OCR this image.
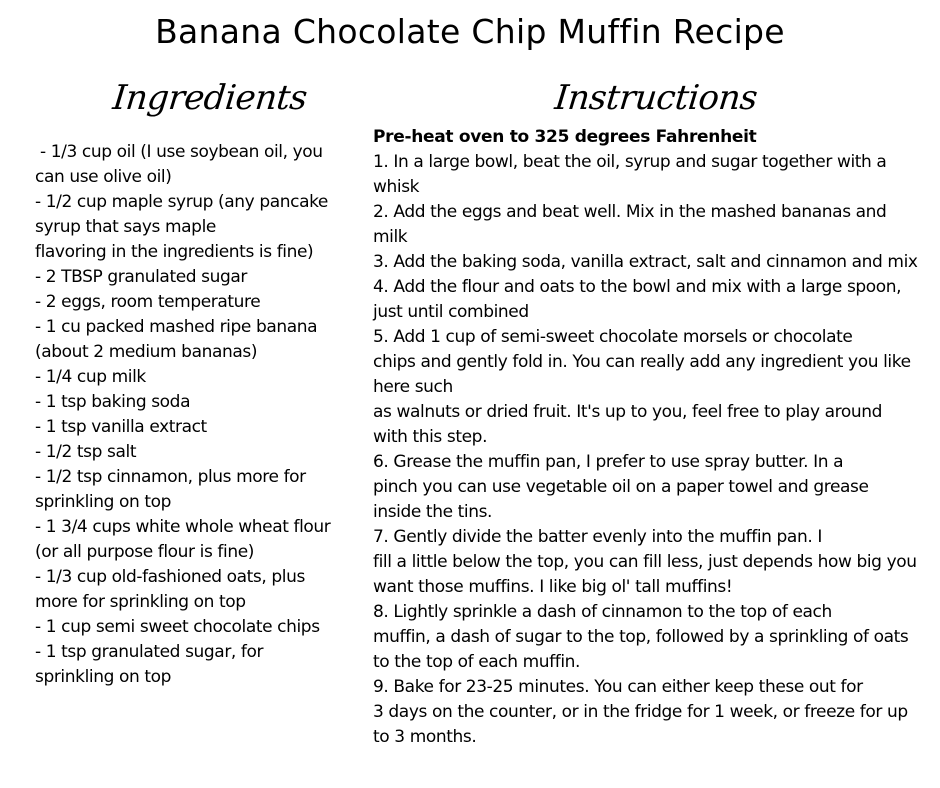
Banana Chocolate Chip Muffin Recipe
Ingredients	Instructions
- 1/3 cup oil (I use soybean oil, you
can use olive oil)
- 1/2 cup maple syrup (any pancake
syrup that says maple
flavoring in the ingredients is fine)
- 2 TBSP granulated sugar
- 2 eggs, room temperature
- 1 cu packed mashed ripe banana
(about 2 medium bananas)
- 1/4 cup milk
- 1 tsp baking soda
- 1 tsp vanilla extract
- 1/2 tsp salt
- 1/2 tsp cinnamon, plus more for
sprinkling on top
- 1 3/4 cups white whole wheat flour
(or all purpose flour is fine)
- 1/3 cup old-fashioned oats, plus
more for sprinkling on top
- 1 cup semi sweet chocolate chips
- 1 tsp granulated sugar, for
sprinkling on top
Pre-heat oven to 325 degrees Fahrenheit
1. In a large bowl, beat the oil, syrup and sugar together with a
whisk
2. Add the eggs and beat well. Mix in the mashed bananas and
milk
3. Add the baking soda, vanilla extract, salt and cinnamon and mix
4. Add the flour and oats to the bowl and mix with a large spoon,
just until combined
5. Add 1 cup of semi-sweet chocolate morsels or chocolate
chips and gently fold in. You can really add any ingredient you like
here such
as walnuts or dried fruit. It's up to you, feel free to play around
with this step.
6. Grease the muffin pan, I prefer to use spray butter. In a
pinch you can use vegetable oil on a paper towel and grease
inside the tins.
7. Gently divide the batter evenly into the muffin pan. I
fill a little below the top, you can fill less, just depends how big you
want those muffins. I like big ol' tall muffins!
8. Lightly sprinkle a dash of cinnamon to the top of each
muffin, a dash of sugar to the top, followed by a sprinkling of oats
to the top of each muffin.
9. Bake for 23-25 minutes. You can either keep these out for
3 days on the counter, or in the fridge for 1 week, or freeze for up
to 3 months.
